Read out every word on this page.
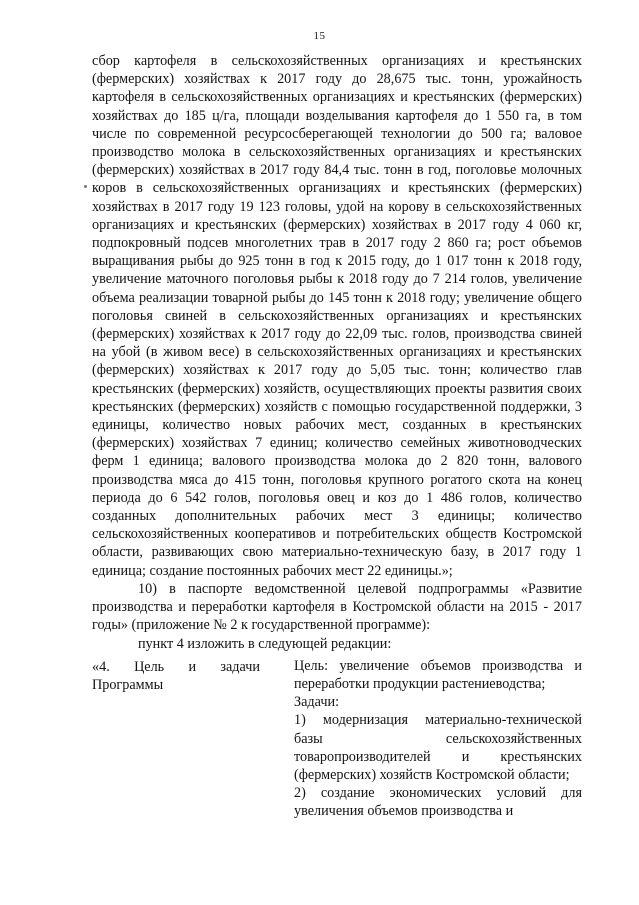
15

сбор картофеля в сельскохозяйственных организациях и крестьянских (фермерских) хозяйствах к 2017 году до 28,675 тыс. тонн, урожайность картофеля в сельскохозяйственных организациях и крестьянских (фермерских) хозяйствах до 185 ц/га, площади возделывания картофеля до 1 550 га, в том числе по современной ресурсосберегающей технологии до 500 га; валовое производство молока в сельскохозяйственных организациях и крестьянских (фермерских) хозяйствах в 2017 году 84,4 тыс. тонн в год, поголовье молочных коров в сельскохозяйственных организациях и крестьянских (фермерских) хозяйствах в 2017 году 19 123 головы, удой на корову в сельскохозяйственных организациях и крестьянских (фермерских) хозяйствах в 2017 году 4 060 кг, подпокровный подсев многолетних трав в 2017 году 2 860 га; рост объемов выращивания рыбы до 925 тонн в год к 2015 году, до 1 017 тонн к 2018 году, увеличение маточного поголовья рыбы к 2018 году до 7 214 голов, увеличение объема реализации товарной рыбы до 145 тонн к 2018 году; увеличение общего поголовья свиней в сельскохозяйственных организациях и крестьянских (фермерских) хозяйствах к 2017 году до 22,09 тыс. голов, производства свиней на убой (в живом весе) в сельскохозяйственных организациях и крестьянских (фермерских) хозяйствах к 2017 году до 5,05 тыс. тонн; количество глав крестьянских (фермерских) хозяйств, осуществляющих проекты развития своих крестьянских (фермерских) хозяйств с помощью государственной поддержки, 3 единицы, количество новых рабочих мест, созданных в крестьянских (фермерских) хозяйствах 7 единиц; количество семейных животноводческих ферм 1 единица; валового производства молока до 2 820 тонн, валового производства мяса до 415 тонн, поголовья крупного рогатого скота на конец периода до 6 542 голов, поголовья овец и коз до 1 486 голов, количество созданных дополнительных рабочих мест 3 единицы; количество сельскохозяйственных кооперативов и потребительских обществ Костромской области, развивающих свою материально-техническую базу, в 2017 году 1 единица; создание постоянных рабочих мест 22 единицы.»;

10) в паспорте ведомственной целевой подпрограммы «Развитие производства и переработки картофеля в Костромской области на 2015 - 2017 годы» (приложение № 2 к государственной программе):

пункт 4 изложить в следующей редакции:

«4. Цель и задачи
Программы

Цель: увеличение объемов производства и переработки продукции растениеводства;

Задачи:

1) модернизация материально-технической базы сельскохозяйственных товаропроизводителей и крестьянских (фермерских) хозяйств Костромской области;

2) создание экономических условий для увеличения объемов производства и
